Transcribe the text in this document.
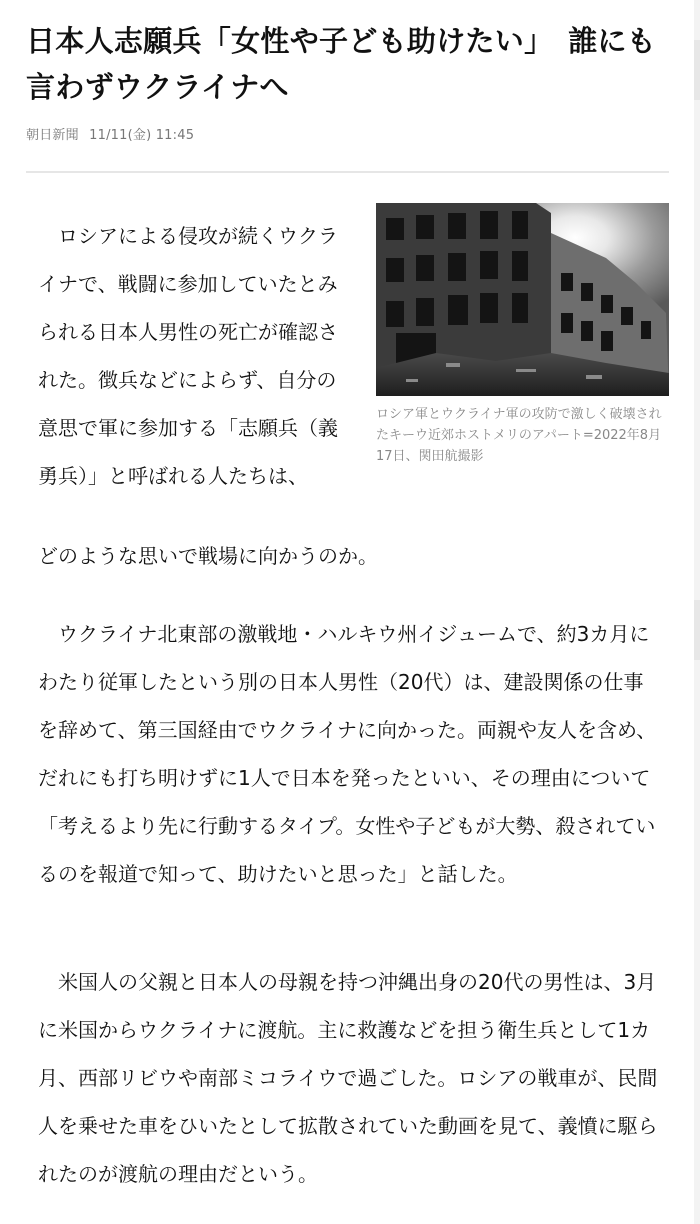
日本人志願兵「女性や子ども助けたい」　誰にも言わずウクライナへ
朝日新聞 11/11(金) 11:45

　ロシアによる侵攻が続くウクライナで、戦闘に参加していたとみられる日本人男性の死亡が確認された。徴兵などによらず、自分の意思で軍に参加する「志願兵（義勇兵）」と呼ばれる人たちは、

ロシア軍とウクライナ軍の攻防で激しく破壊されたキーウ近郊ホストメリのアパート=2022年8月17日、関田航撮影

どのような思いで戦場に向かうのか。

　ウクライナ北東部の激戦地・ハルキウ州イジュームで、約3カ月にわたり従軍したという別の日本人男性（20代）は、建設関係の仕事を辞めて、第三国経由でウクライナに向かった。両親や友人を含め、だれにも打ち明けずに1人で日本を発ったといい、その理由について「考えるより先に行動するタイプ。女性や子どもが大勢、殺されているのを報道で知って、助けたいと思った」と話した。

　米国人の父親と日本人の母親を持つ沖縄出身の20代の男性は、3月に米国からウクライナに渡航。主に救護などを担う衛生兵として1カ月、西部リビウや南部ミコライウで過ごした。ロシアの戦車が、民間人を乗せた車をひいたとして拡散されていた動画を見て、義憤に駆られたのが渡航の理由だという。
